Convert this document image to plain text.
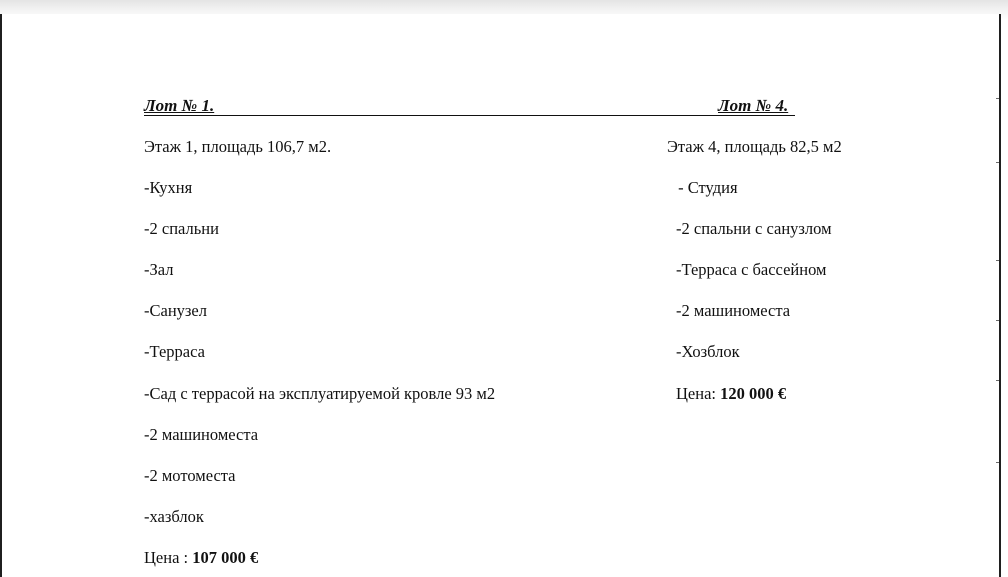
Лот № 1.	Лот № 4.
Этаж 1, площадь 106,7 м2.
-Кухня
-2 спальни
-Зал
-Санузел
-Терраса
-Сад с террасой на эксплуатируемой кровле 93 м2
-2 машиноместа
-2 мотоместа
-хазблок
Цена : 107 000 €
Этаж 4, площадь 82,5 м2
- Студия
-2 спальни с санузлом
-Терраса с бассейном
-2 машиноместа
-Хозблок
Цена: 120 000 €
